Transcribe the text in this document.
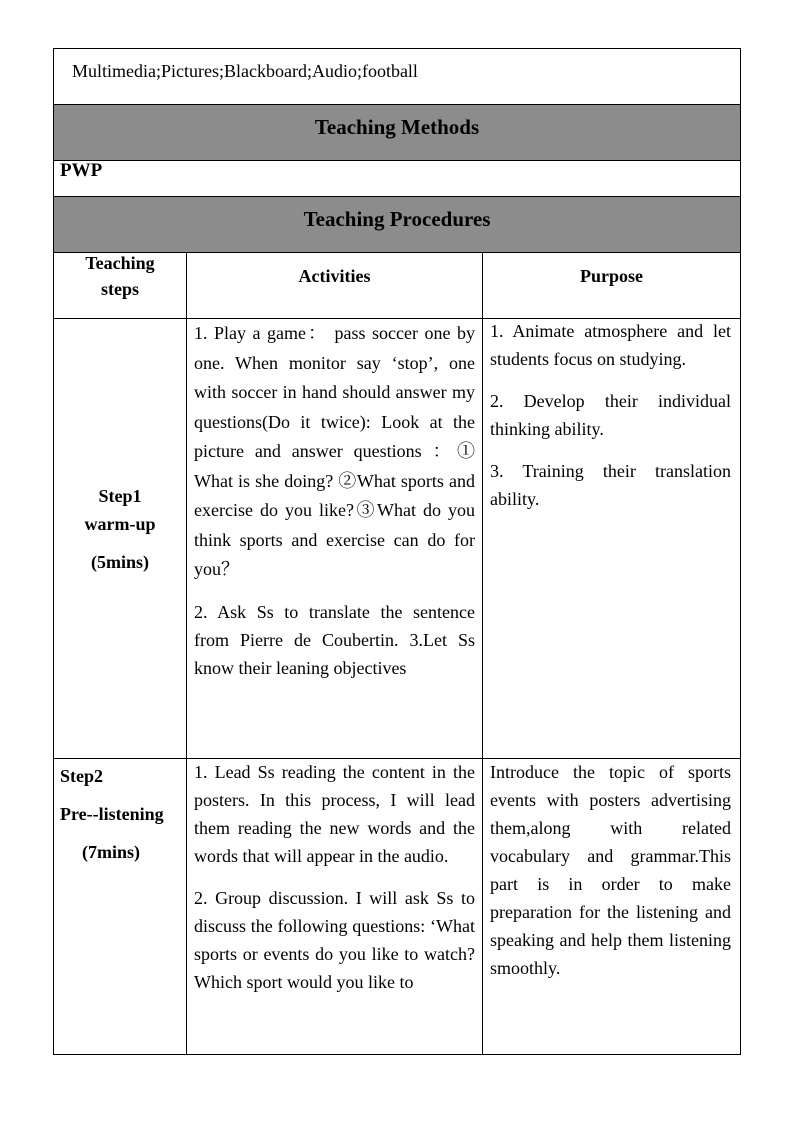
Multimedia;Pictures;Blackboard;Audio;football
Teaching Methods
PWP
Teaching Procedures
Teaching
steps
Activities	Purpose
Step1
warm-up
(5mins)

1. Play a game： pass soccer one by one. When monitor say ‘stop’, one with soccer in hand should answer my questions(Do it twice): Look at the picture and answer questions ：① What is she doing? ②What sports and exercise do you like?③What do you think sports and exercise can do for you？

2. Ask Ss to translate the sentence from Pierre de Coubertin. 3.Let Ss know their leaning objectives

1. Animate atmosphere and let students focus on studying.

2. Develop their individual thinking ability.

3. Training their translation ability.

Step2
Pre--listening
(7mins)

1. Lead Ss reading the content in the posters. In this process, I will lead them reading the new words and the words that will appear in the audio.

2. Group discussion. I will ask Ss to discuss the following questions: ‘What sports or events do you like to watch? Which sport would you like to

Introduce the topic of sports events with posters advertising them,along with related vocabulary and grammar.This part is in order to make preparation for the listening and speaking and help them listening smoothly.
